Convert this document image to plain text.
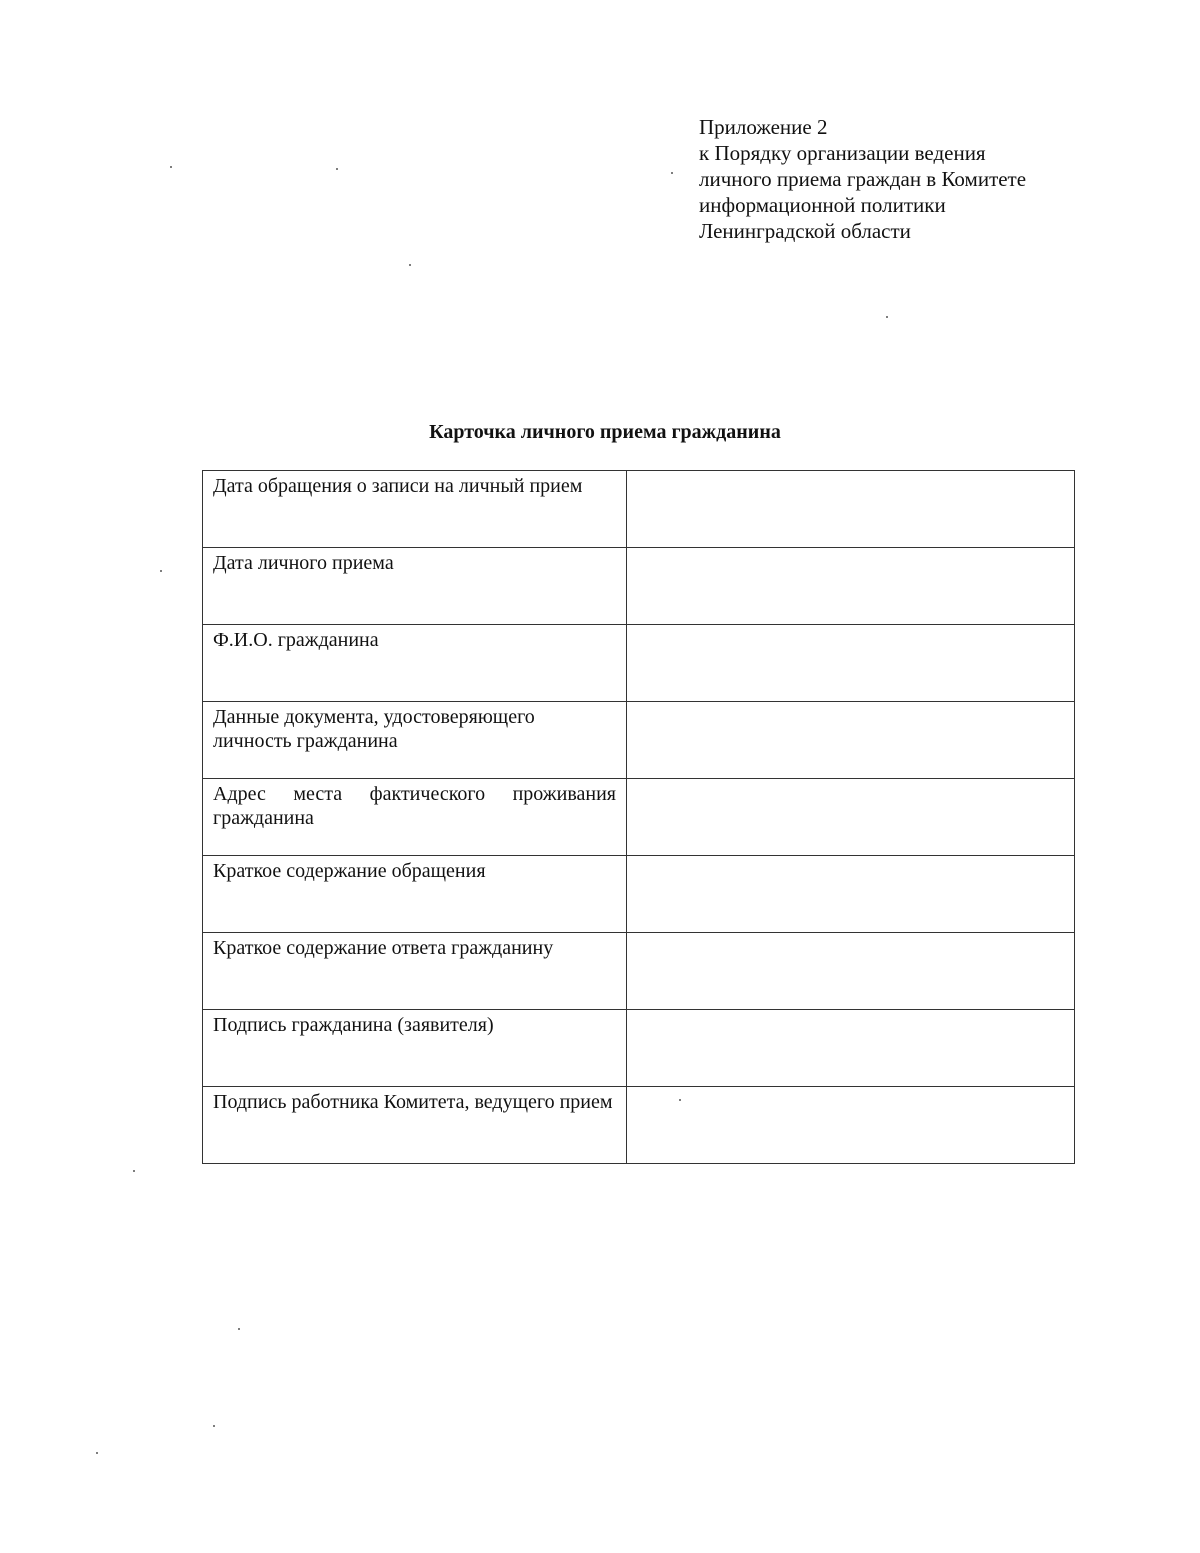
Приложение 2
к Порядку организации ведения
личного приема граждан в Комитете
информационной политики
Ленинградской области
Карточка личного приема гражданина
Дата обращения о записи на личный прием	
Дата личного приема	
Ф.И.О. гражданина	
Данные документа, удостоверяющего личность гражданина	
Адрес места фактического проживания гражданина	
Краткое содержание обращения	
Краткое содержание ответа гражданину	
Подпись гражданина (заявителя)	
Подпись работника Комитета, ведущего прием	
